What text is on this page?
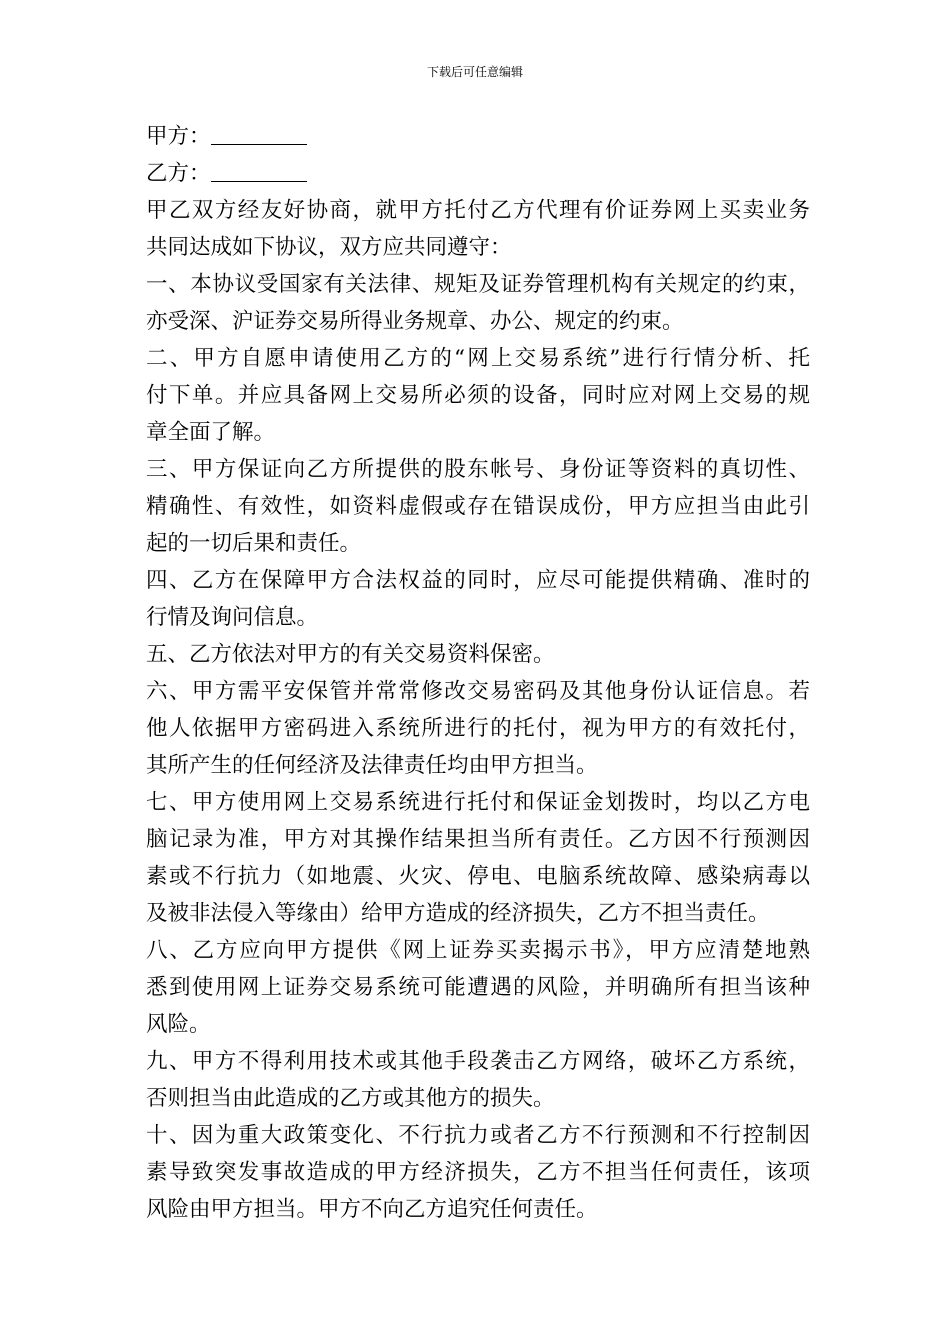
下载后可任意编辑
甲方：
乙方：
甲乙双方经友好协商，就甲方托付乙方代理有价证券网上买卖业务
共同达成如下协议，双方应共同遵守：
一、本协议受国家有关法律、规矩及证券管理机构有关规定的约束，
亦受深、沪证券交易所得业务规章、办公、规定的约束。
二、甲方自愿申请使用乙方的“网上交易系统”进行行情分析、托
付下单。并应具备网上交易所必须的设备，同时应对网上交易的规
章全面了解。
三、甲方保证向乙方所提供的股东帐号、身份证等资料的真切性、
精确性、有效性，如资料虚假或存在错误成份，甲方应担当由此引
起的一切后果和责任。
四、乙方在保障甲方合法权益的同时，应尽可能提供精确、准时的
行情及询问信息。
五、乙方依法对甲方的有关交易资料保密。
六、甲方需平安保管并常常修改交易密码及其他身份认证信息。若
他人依据甲方密码进入系统所进行的托付，视为甲方的有效托付，
其所产生的任何经济及法律责任均由甲方担当。
七、甲方使用网上交易系统进行托付和保证金划拨时，均以乙方电
脑记录为准，甲方对其操作结果担当所有责任。乙方因不行预测因
素或不行抗力（如地震、火灾、停电、电脑系统故障、感染病毒以
及被非法侵入等缘由）给甲方造成的经济损失，乙方不担当责任。
八、乙方应向甲方提供《网上证券买卖揭示书》，甲方应清楚地熟
悉到使用网上证券交易系统可能遭遇的风险，并明确所有担当该种
风险。
九、甲方不得利用技术或其他手段袭击乙方网络，破坏乙方系统，
否则担当由此造成的乙方或其他方的损失。
十、因为重大政策变化、不行抗力或者乙方不行预测和不行控制因
素导致突发事故造成的甲方经济损失，乙方不担当任何责任，该项
风险由甲方担当。甲方不向乙方追究任何责任。
